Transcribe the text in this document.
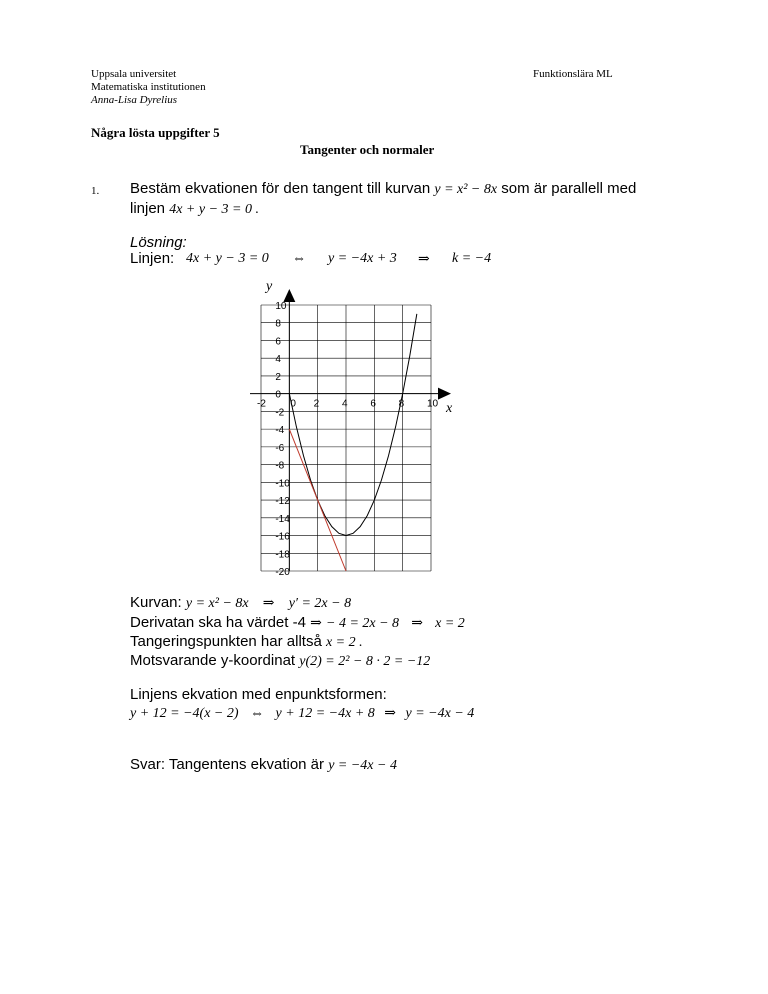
Uppsala universitet
Matematiska institutionen
Anna-Lisa Dyrelius
Funktionslära ML
Några lösta uppgifter 5
Tangenter och normaler
1. Bestäm ekvationen för den tangent till kurvan y = x² − 8x som är parallell med
linjen 4x + y − 3 = 0 .
Lösning:
Linjen: 4x + y − 3 = 0 ⇔ y = −4x + 3 ⇒ k = −4
10
8
6
4
2
0
-2
-4
-6
-8
-10
-12
-14
-16
-18
-20
-2	2 4 6 8 10
0
y
x
Kurvan: y = x² − 8x ⇒ y′ = 2x − 8
Derivatan ska ha värdet -4 ⇒ − 4 = 2x − 8 ⇒ x = 2
Tangeringspunkten har alltså x = 2 .
Motsvarande y-koordinat y(2) = 2² − 8 · 2 = −12
Linjens ekvation med enpunktsformen:
y + 12 = −4(x − 2) ⇔ y + 12 = −4x + 8 ⇒ y = −4x − 4
Svar: Tangentens ekvation är y = −4x − 4
